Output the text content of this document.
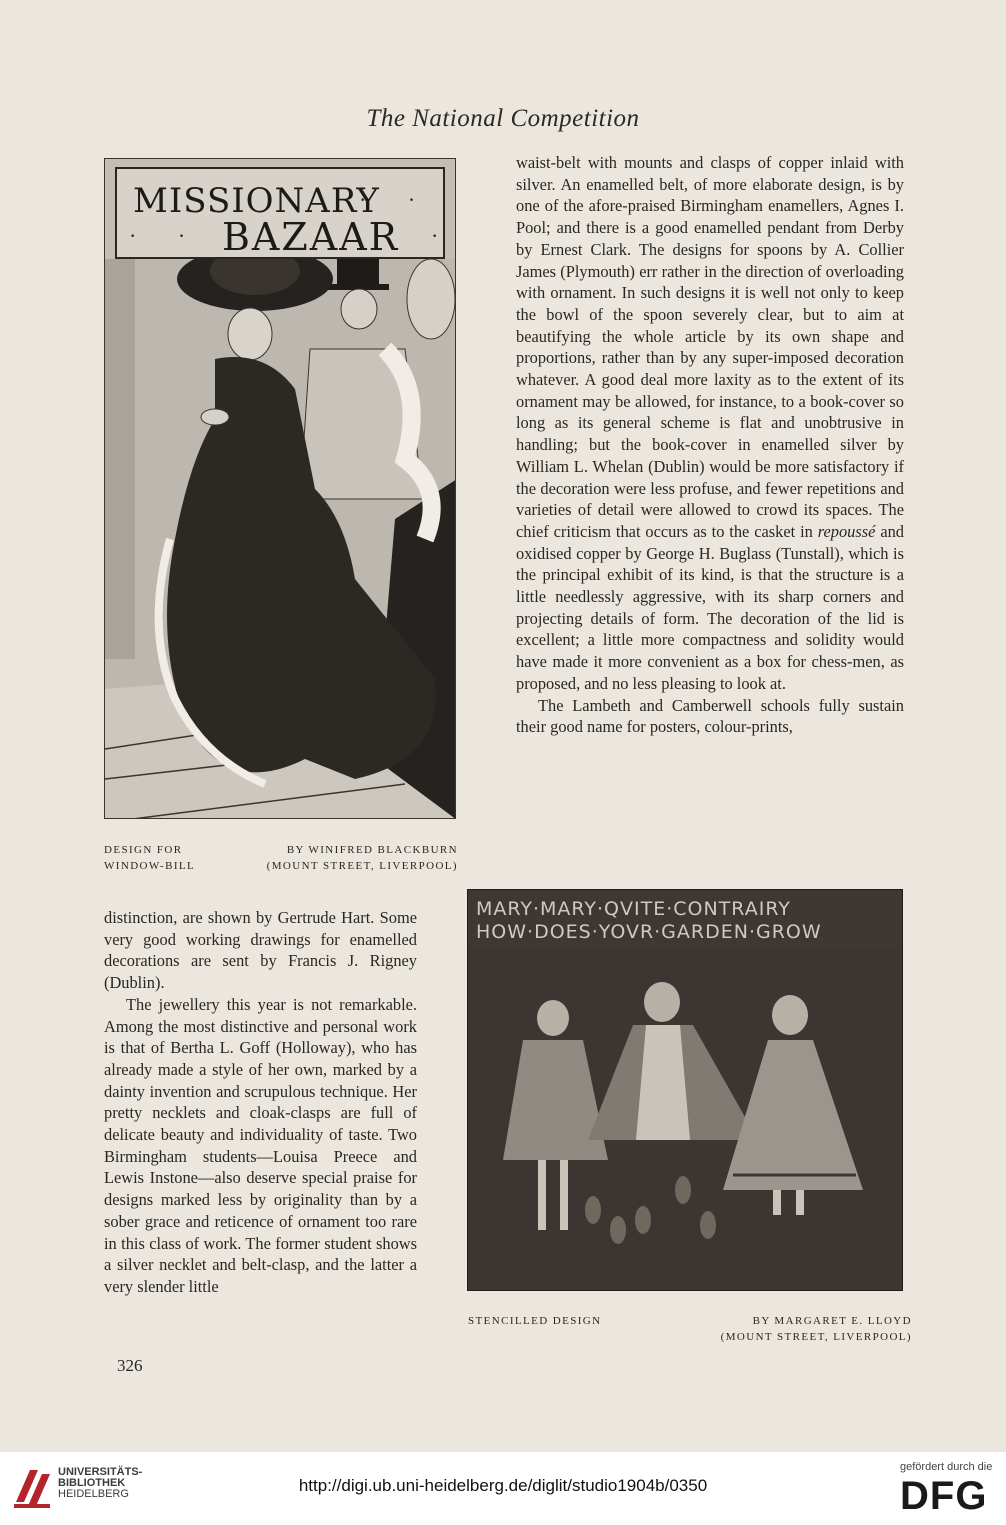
The National Competition
MISSIONARY
· ·
· · BAZAAR ·
DESIGN FOR
WINDOW-BILL
BY WINIFRED BLACKBURN
(MOUNT STREET, LIVERPOOL)

waist-belt with mounts and clasps of copper inlaid with silver. An enamelled belt, of more elaborate design, is by one of the afore-praised Birmingham enamellers, Agnes I. Pool; and there is a good enamelled pendant from Derby by Ernest Clark. The designs for spoons by A. Collier James (Plymouth) err rather in the direction of overloading with ornament. In such designs it is well not only to keep the bowl of the spoon severely clear, but to aim at beautifying the whole article by its own shape and proportions, rather than by any super-imposed decoration whatever. A good deal more laxity as to the extent of its ornament may be allowed, for instance, to a book-cover so long as its general scheme is flat and unobtrusive in handling; but the book-cover in enamelled silver by William L. Whelan (Dublin) would be more satisfactory if the decoration were less profuse, and fewer repetitions and varieties of detail were allowed to crowd its spaces. The chief criticism that occurs as to the casket in repoussé and oxidised copper by George H. Buglass (Tunstall), which is the principal exhibit of its kind, is that the structure is a little needlessly aggressive, with its sharp corners and projecting details of form. The decoration of the lid is excellent; a little more compactness and solidity would have made it more convenient as a box for chess-men, as proposed, and no less pleasing to look at.

The Lambeth and Camberwell schools fully sustain their good name for posters, colour-prints,

MARY·MARY·QVITE·CONTRAIRY
HOW·DOES·YOVR·GARDEN·GROW
STENCILLED DESIGN	BY MARGARET E. LLOYD
(MOUNT STREET, LIVERPOOL)

distinction, are shown by Gertrude Hart. Some very good working drawings for enamelled decorations are sent by Francis J. Rigney (Dublin).

The jewellery this year is not remarkable. Among the most distinctive and personal work is that of Bertha L. Goff (Holloway), who has already made a style of her own, marked by a dainty invention and scrupulous technique. Her pretty necklets and cloak-clasps are full of delicate beauty and individuality of taste. Two Birmingham students—Louisa Preece and Lewis Instone—also deserve special praise for designs marked less by originality than by a sober grace and reticence of ornament too rare in this class of work. The former student shows a silver necklet and belt-clasp, and the latter a very slender little

326
UNIVERSITÄTS-
BIBLIOTHEK
HEIDELBERG	http://digi.ub.uni-heidelberg.de/diglit/studio1904b/0350
gefördert durch die
DFG
